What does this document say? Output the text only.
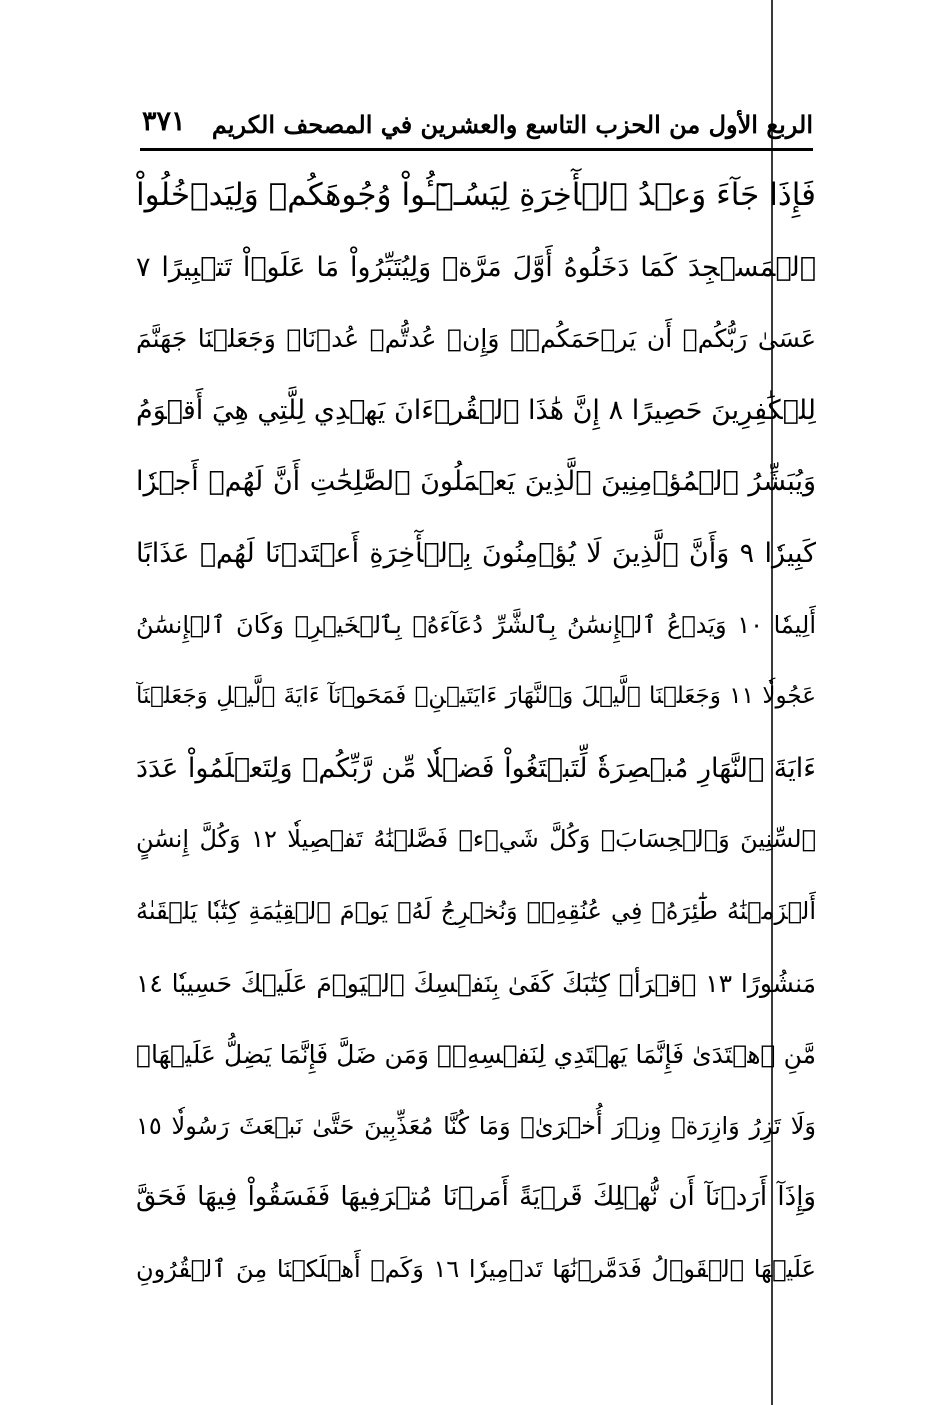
الربع الأول من الحزب التاسع والعشرين في المصحف الكريم
٣٧١
فَإِذَا جَآءَ وَعۡدُ ٱلۡأٓخِرَةِ لِيَسُـۥٓـُٔواْ وُجُوهَكُمۡ وَلِيَدۡخُلُواْ
ٱلۡمَسۡجِدَ كَمَا دَخَلُوهُ أَوَّلَ مَرَّةٖ وَلِيُتَبِّرُواْ مَا عَلَوۡاْ تَتۡبِيرًا ٧
عَسَىٰ رَبُّكُمۡ أَن يَرۡحَمَكُمۡۚ وَإِنۡ عُدتُّمۡ عُدۡنَاۚ وَجَعَلۡنَا جَهَنَّمَ
لِلۡكَٰفِرِينَ حَصِيرًا ٨ إِنَّ هَٰذَا ٱلۡقُرۡءَانَ يَهۡدِي لِلَّتِي هِيَ أَقۡوَمُ
وَيُبَشِّرُ ٱلۡمُؤۡمِنِينَ ٱلَّذِينَ يَعۡمَلُونَ ٱلصَّٰلِحَٰتِ أَنَّ لَهُمۡ أَجۡرٗا
كَبِيرٗا ٩ وَأَنَّ ٱلَّذِينَ لَا يُؤۡمِنُونَ بِٱلۡأٓخِرَةِ أَعۡتَدۡنَا لَهُمۡ عَذَابًا
أَلِيمٗا ١٠ وَيَدۡعُ ٱلۡإِنسَٰنُ بِٱلشَّرِّ دُعَآءَهُۥ بِٱلۡخَيۡرِۖ وَكَانَ ٱلۡإِنسَٰنُ
عَجُولٗا ١١ وَجَعَلۡنَا ٱلَّيۡلَ وَٱلنَّهَارَ ءَايَتَيۡنِۖ فَمَحَوۡنَآ ءَايَةَ ٱلَّيۡلِ وَجَعَلۡنَآ
ءَايَةَ ٱلنَّهَارِ مُبۡصِرَةٗ لِّتَبۡتَغُواْ فَضۡلٗا مِّن رَّبِّكُمۡ وَلِتَعۡلَمُواْ عَدَدَ
ٱلسِّنِينَ وَٱلۡحِسَابَۚ وَكُلَّ شَيۡءٖ فَصَّلۡنَٰهُ تَفۡصِيلٗا ١٢ وَكُلَّ إِنسَٰنٍ
أَلۡزَمۡنَٰهُ طَٰٓئِرَهُۥ فِي عُنُقِهِۦۖ وَنُخۡرِجُ لَهُۥ يَوۡمَ ٱلۡقِيَٰمَةِ كِتَٰبٗا يَلۡقَىٰهُ
مَنشُورًا ١٣ ٱقۡرَأۡ كِتَٰبَكَ كَفَىٰ بِنَفۡسِكَ ٱلۡيَوۡمَ عَلَيۡكَ حَسِيبٗا ١٤
مَّنِ ٱهۡتَدَىٰ فَإِنَّمَا يَهۡتَدِي لِنَفۡسِهِۦۖ وَمَن ضَلَّ فَإِنَّمَا يَضِلُّ عَلَيۡهَاۚ
وَلَا تَزِرُ وَازِرَةٞ وِزۡرَ أُخۡرَىٰۗ وَمَا كُنَّا مُعَذِّبِينَ حَتَّىٰ نَبۡعَثَ رَسُولٗا ١٥
وَإِذَآ أَرَدۡنَآ أَن نُّهۡلِكَ قَرۡيَةً أَمَرۡنَا مُتۡرَفِيهَا فَفَسَقُواْ فِيهَا فَحَقَّ
عَلَيۡهَا ٱلۡقَوۡلُ فَدَمَّرۡنَٰهَا تَدۡمِيرٗا ١٦ وَكَمۡ أَهۡلَكۡنَا مِنَ ٱلۡقُرُونِ
